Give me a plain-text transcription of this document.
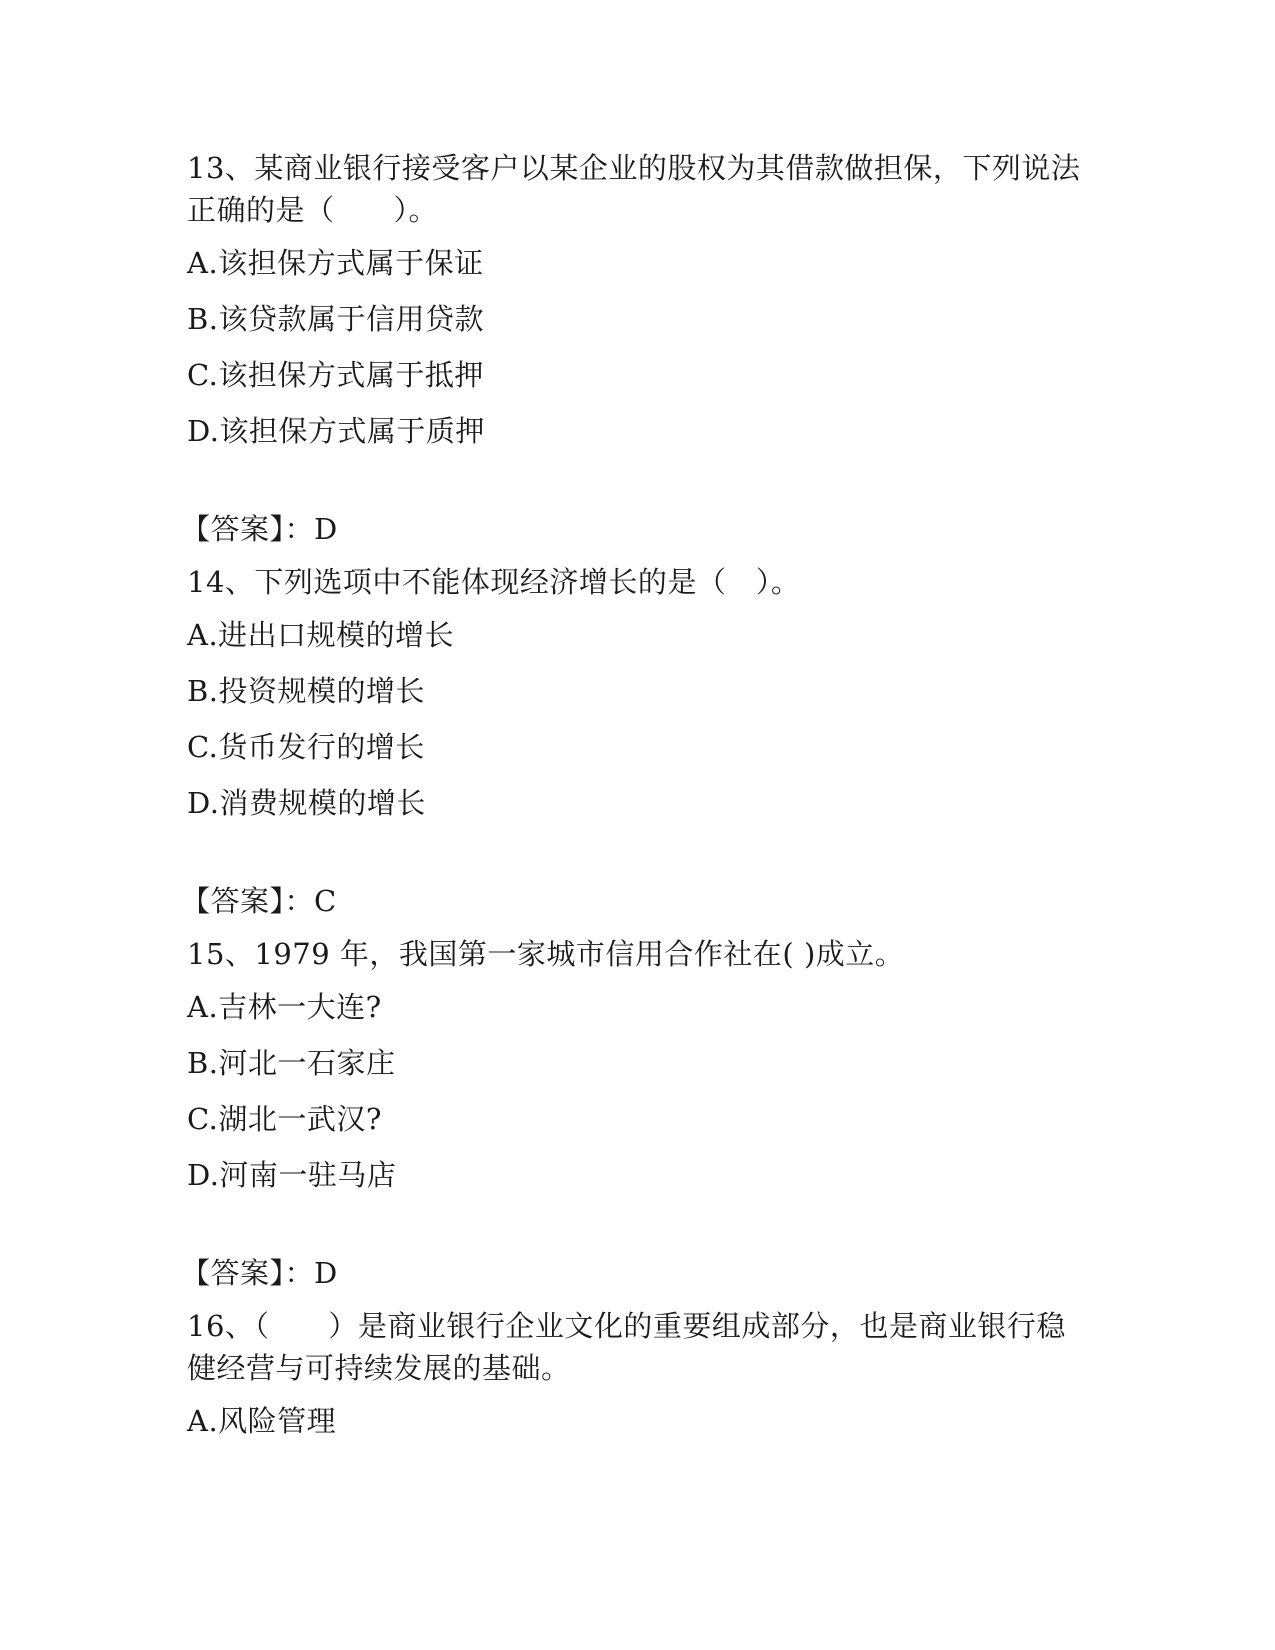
13、某商业银行接受客户以某企业的股权为其借款做担保，下列说法

正确的是（　　）。

A.该担保方式属于保证

B.该贷款属于信用贷款

C.该担保方式属于抵押

D.该担保方式属于质押

【答案】：D

14、下列选项中不能体现经济增长的是（　）。

A.进出口规模的增长

B.投资规模的增长

C.货币发行的增长

D.消费规模的增长

【答案】：C

15、1979 年，我国第一家城市信用合作社在( )成立。

A.吉林一大连?

B.河北一石家庄

C.湖北一武汉?

D.河南一驻马店

【答案】：D

16、（　　）是商业银行企业文化的重要组成部分，也是商业银行稳

健经营与可持续发展的基础。

A.风险管理
